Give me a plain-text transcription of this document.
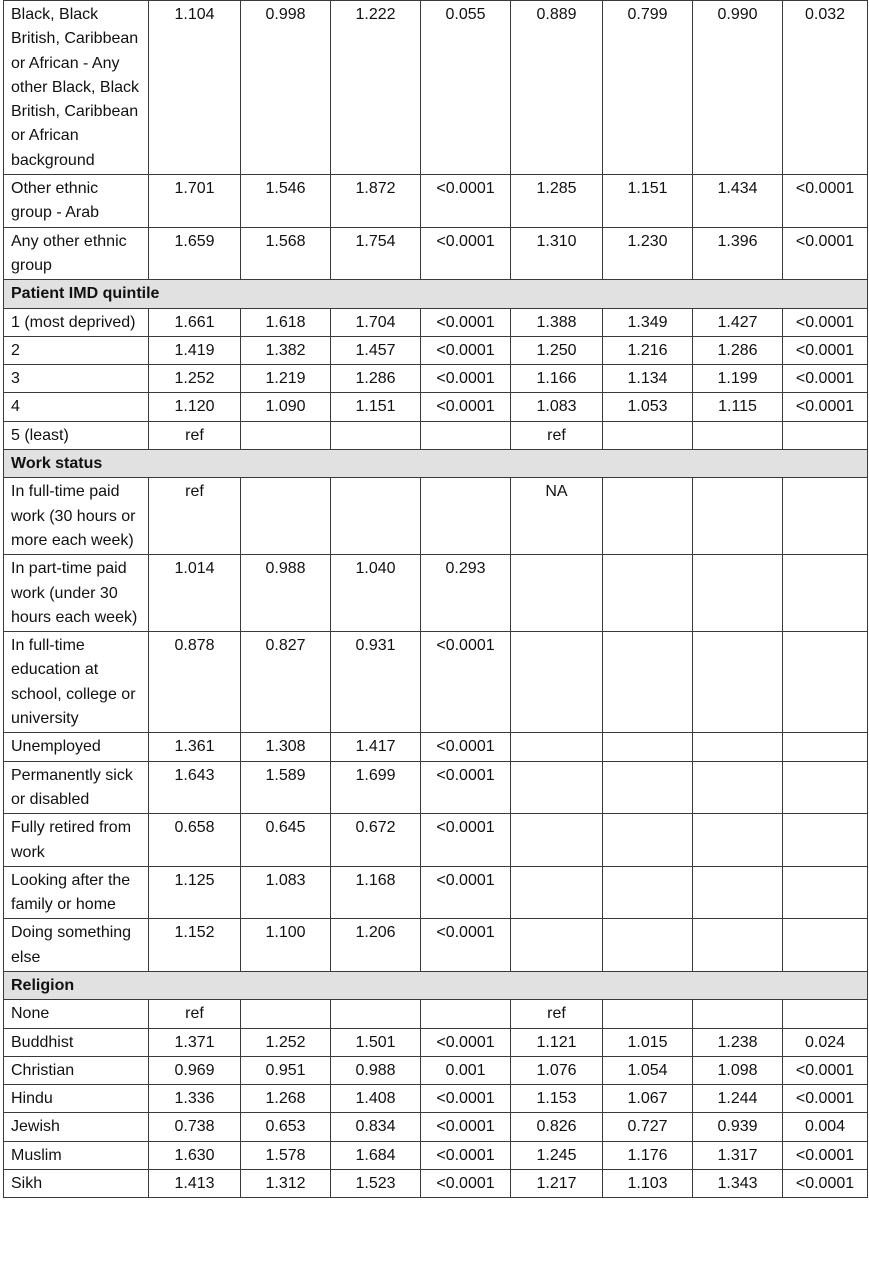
Black, Black British, Caribbean or African - Any other Black, Black British, Caribbean or African background	1.104	0.998	1.222	0.055	0.889	0.799	0.990	0.032
Other ethnic group - Arab	1.701	1.546	1.872	<0.0001	1.285	1.151	1.434	<0.0001
Any other ethnic group	1.659	1.568	1.754	<0.0001	1.310	1.230	1.396	<0.0001
Patient IMD quintile								
1 (most deprived)	1.661	1.618	1.704	<0.0001	1.388	1.349	1.427	<0.0001
2	1.419	1.382	1.457	<0.0001	1.250	1.216	1.286	<0.0001
3	1.252	1.219	1.286	<0.0001	1.166	1.134	1.199	<0.0001
4	1.120	1.090	1.151	<0.0001	1.083	1.053	1.115	<0.0001
5 (least)	ref				ref			
Work status								
In full-time paid work (30 hours or more each week)	ref				NA			
In part-time paid work (under 30 hours each week)	1.014	0.988	1.040	0.293				
In full-time education at school, college or university	0.878	0.827	0.931	<0.0001				
Unemployed	1.361	1.308	1.417	<0.0001				
Permanently sick or disabled	1.643	1.589	1.699	<0.0001				
Fully retired from work	0.658	0.645	0.672	<0.0001				
Looking after the family or home	1.125	1.083	1.168	<0.0001				
Doing something else	1.152	1.100	1.206	<0.0001				
Religion								
None	ref				ref			
Buddhist	1.371	1.252	1.501	<0.0001	1.121	1.015	1.238	0.024
Christian	0.969	0.951	0.988	0.001	1.076	1.054	1.098	<0.0001
Hindu	1.336	1.268	1.408	<0.0001	1.153	1.067	1.244	<0.0001
Jewish	0.738	0.653	0.834	<0.0001	0.826	0.727	0.939	0.004
Muslim	1.630	1.578	1.684	<0.0001	1.245	1.176	1.317	<0.0001
Sikh	1.413	1.312	1.523	<0.0001	1.217	1.103	1.343	<0.0001
